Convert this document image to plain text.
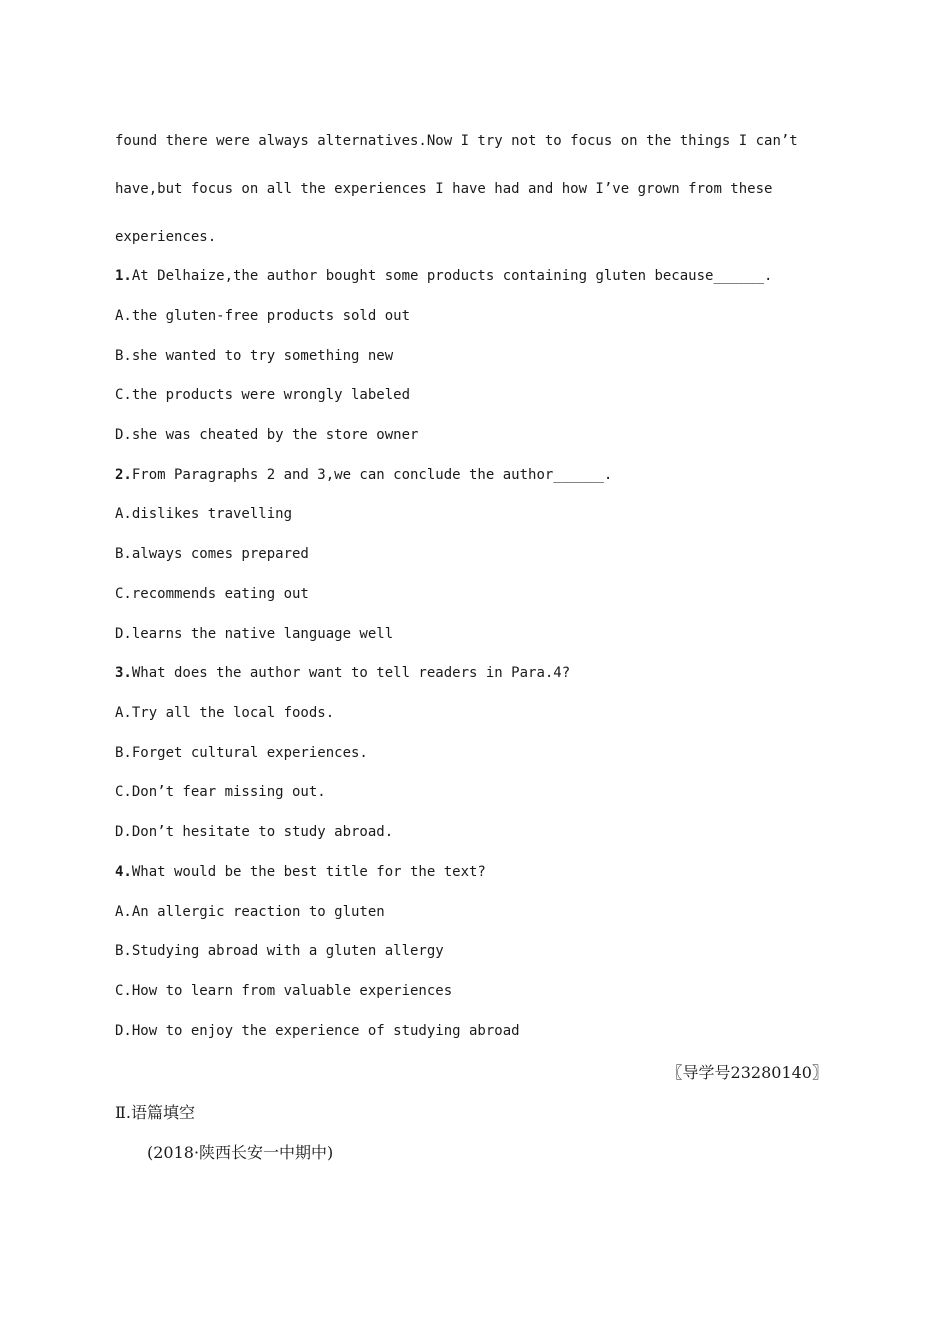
found there were always alternatives.Now I try not to focus on the things I can’t
have,but focus on all the experiences I have had and how I’ve grown from these
experiences.
1.At Delhaize,the author bought some products containing gluten because______.
A.the gluten-free products sold out
B.she wanted to try something new
C.the products were wrongly labeled
D.she was cheated by the store owner
2.From Paragraphs 2 and 3,we can conclude the author______.
A.dislikes travelling
B.always comes prepared
C.recommends eating out
D.learns the native language well
3.What does the author want to tell readers in Para.4?
A.Try all the local foods.
B.Forget cultural experiences.
C.Don’t fear missing out.
D.Don’t hesitate to study abroad.
4.What would be the best title for the text?
A.An allergic reaction to gluten
B.Studying abroad with a gluten allergy
C.How to learn from valuable experiences
D.How to enjoy the experience of studying abroad
〖导学号23280140〗
Ⅱ.语篇填空
(2018·陕西长安一中期中)
